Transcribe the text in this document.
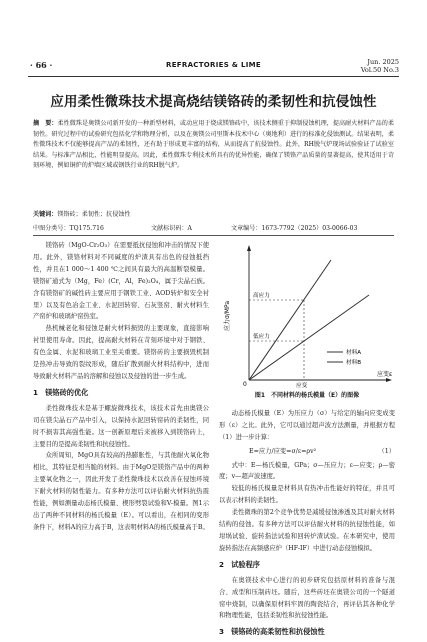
· 66 ·	REFRACTORIES & LIME	Jun. 2025
Vol.50 No.3
应用柔性微珠技术提高烧结镁铬砖的柔韧性和抗侵蚀性
摘　要：柔性微珠是奥镁公司新开发的一种新型材料，或动应用于烧成镁铬砖中，该技术侧重于抑制侵蚀机理，提高耐火材料产品的柔韧性。研究过程中的试验研究包括化学和物理分析，以及在奥镁公司里斯本技术中心（奥地利）进行的标准化侵蚀测试。结果表明，柔性微珠技术不仅能够提高产品的柔韧性，还有助于形成更丰富的结构，从而提高了抗侵蚀性。此外，RH脱气炉现场试验验证了试验室结果。与标准产品相比，性能明显提高。因此，柔性微珠专利技术所具有的优异性能，确保了镁铬产品质量的显著提高，使其适用于苛刻环境，例如铜炉的炉墙区域或钢铁行业的RH脱气炉。
关键词：镁铬砖；柔韧性；抗侵蚀性
中图分类号：TQ175.716	文献标识码：A	文章编号：1673-7792（2025）03-0066-03

镁铬砖（MgO-Cr₂O₃）在需要抵抗侵蚀和冲击的情况下使用。此外，镁铬材料对不同碱度的炉渣具有出色的侵蚀抵挡性，并且在1 000～1 400 ℃之间具有最大的高温断裂模量。镁铬矿通式为（Mg，Fe）(Cr，Al，Fe)₂O₄，属于尖晶石族。含有镁铬矿的碱性砖主要应用于钢铁工业、AOD转炉和安全衬里）以及有色冶金工业、水泥回转窑、石灰竖窑、耐火材料生产窑炉和玻璃炉窑热室。

热机械老化和侵蚀是耐火材料损毁的主要现象，直接影响衬里使用寿命。因此，提高耐火材料在苛刻环境中对于钢铁、有色金属、水泥和玻璃工业至关重要。镁铬砖的主要损毁机制是热冲击导致的裂纹形成，随后扩散到耐火材料结构中，进而导致耐火材料产品的溶解和侵蚀以及侵蚀的进一步生成。

1　镁铬砖的优化

柔性微珠技术是基于螺旋微珠技术，该技术首先由奥镁公司在镁尖晶石产品中引入，以保持水泥回转窑砖的柔韧性，同时不损害其高强性能。这一创新原理后来被移入到镁铬砖上，主要目的是提高柔韧性和抗侵蚀性。

众所周知，MgO具有较高的热膨胀性，与其他耐火氧化物相比，其特征是相当脆的材料。由于MgO是镁铬产品中的两种主要氧化物之一，因此开发了柔性微珠技术以改善在侵蚀环境下耐火材料的韧性能力。有多种方法可以评估耐火材料抗热震性能，例如测量动态杨氏模量、楔形劈裂试验和V-模量。图1示出了两种不同材料的杨氏模量（E）。可以看出，在相同的变形条件下，材料A的应力高于B，这表明材料A的杨氏模量高于B。

应力σ/MPa
应变ε
0
高应力
低应力
应变
材料A
材料B
图1　不同材料的杨氏模量（E）的图像

动态杨氏模量（E）为压应力（σ）与给定的轴向应变成变形（ε）之比。此外，它可以通过超声波方法测量，并根据方程（1）进一步计算：

E=应力/应变=σ/ε=ρv²	（1）

式中：E—杨氏模量，GPa；σ—压应力；ε—应变；ρ—密度；v—超声波速度。

较低的杨氏模量是材料具有热冲击性能好的特征，并且可以表示材料的柔韧性。

柔性微珠的第2个竞争优势是减缓侵蚀渗透及其对耐火材料结构的侵蚀。有多种方法可以评估耐火材料的抗侵蚀性能，如坩埚试验、旋转指法试验和回转炉渣试验。在本研究中，使用旋转指法在高频感应炉（HF-IF）中进行动态侵蚀模拟。

2　试验程序

在奥镁技术中心进行的初步研究包括原材料的准备与混合、成型和压制砖坯。随后，这些砖坯在奥镁公司的一个隧道窑中烧制，以确保原材料牢固的陶瓷结合，再评估其各种化学和物理性能，包括柔韧性和抗侵蚀性能。

3　镁铬砖的高柔韧性和抗侵蚀性
